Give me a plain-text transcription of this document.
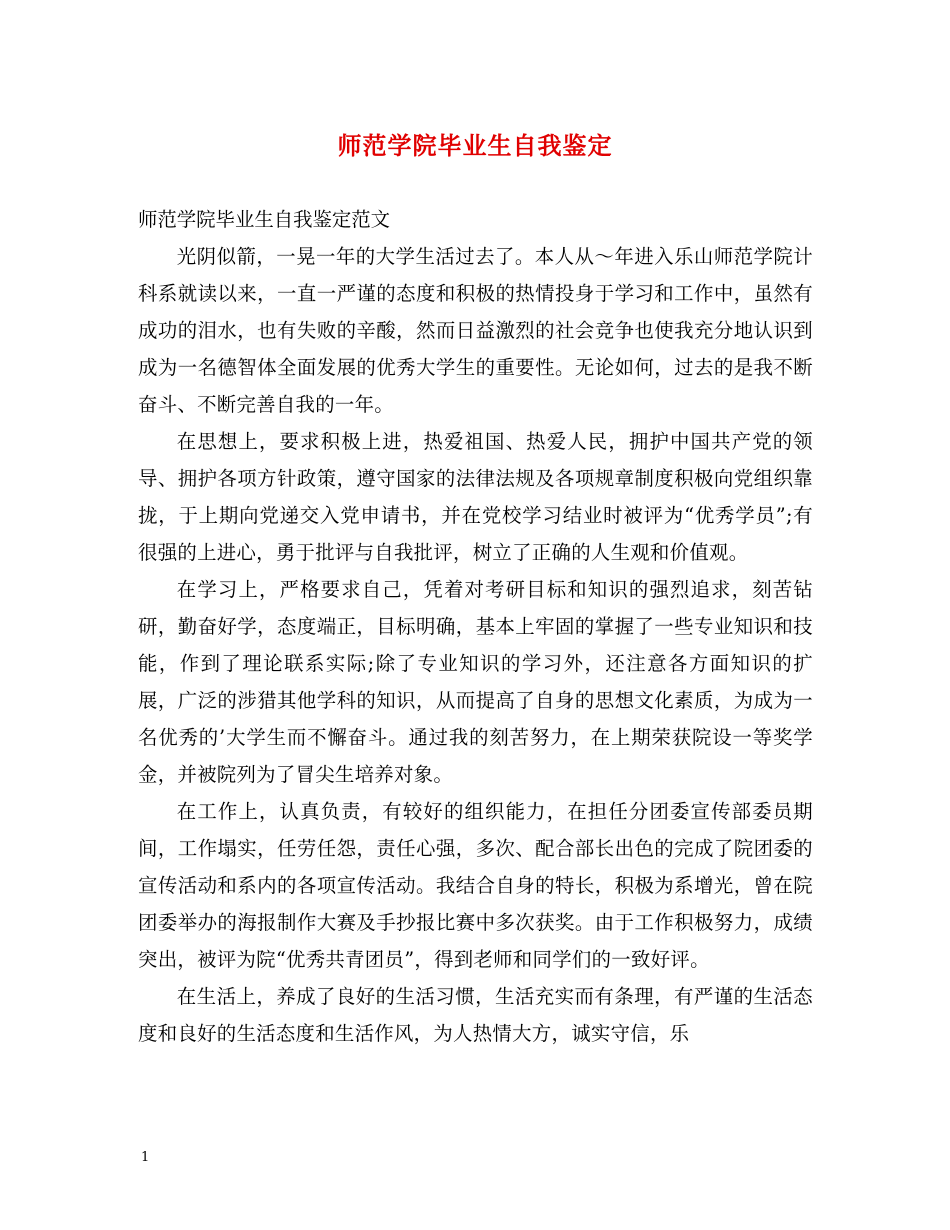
师范学院毕业生自我鉴定

师范学院毕业生自我鉴定范文

光阴似箭，一晃一年的大学生活过去了。本人从～年进入乐山师范学院计科系就读以来，一直一严谨的态度和积极的热情投身于学习和工作中，虽然有成功的泪水，也有失败的辛酸，然而日益激烈的社会竞争也使我充分地认识到成为一名德智体全面发展的优秀大学生的重要性。无论如何，过去的是我不断奋斗、不断完善自我的一年。

在思想上，要求积极上进，热爱祖国、热爱人民，拥护中国共产党的领导、拥护各项方针政策，遵守国家的法律法规及各项规章制度积极向党组织靠拢，于上期向党递交入党申请书，并在党校学习结业时被评为“优秀学员”;有很强的上进心，勇于批评与自我批评，树立了正确的人生观和价值观。

在学习上，严格要求自己，凭着对考研目标和知识的强烈追求，刻苦钻研，勤奋好学，态度端正，目标明确，基本上牢固的掌握了一些专业知识和技能，作到了理论联系实际;除了专业知识的学习外，还注意各方面知识的扩展，广泛的涉猎其他学科的知识，从而提高了自身的思想文化素质，为成为一名优秀的’大学生而不懈奋斗。通过我的刻苦努力，在上期荣获院设一等奖学金，并被院列为了冒尖生培养对象。

在工作上，认真负责，有较好的组织能力，在担任分团委宣传部委员期间，工作塌实，任劳任怨，责任心强，多次、配合部长出色的完成了院团委的宣传活动和系内的各项宣传活动。我结合自身的特长，积极为系增光，曾在院团委举办的海报制作大赛及手抄报比赛中多次获奖。由于工作积极努力，成绩突出，被评为院“优秀共青团员”，得到老师和同学们的一致好评。

在生活上，养成了良好的生活习惯，生活充实而有条理，有严谨的生活态度和良好的生活态度和生活作风，为人热情大方，诚实守信，乐

1
